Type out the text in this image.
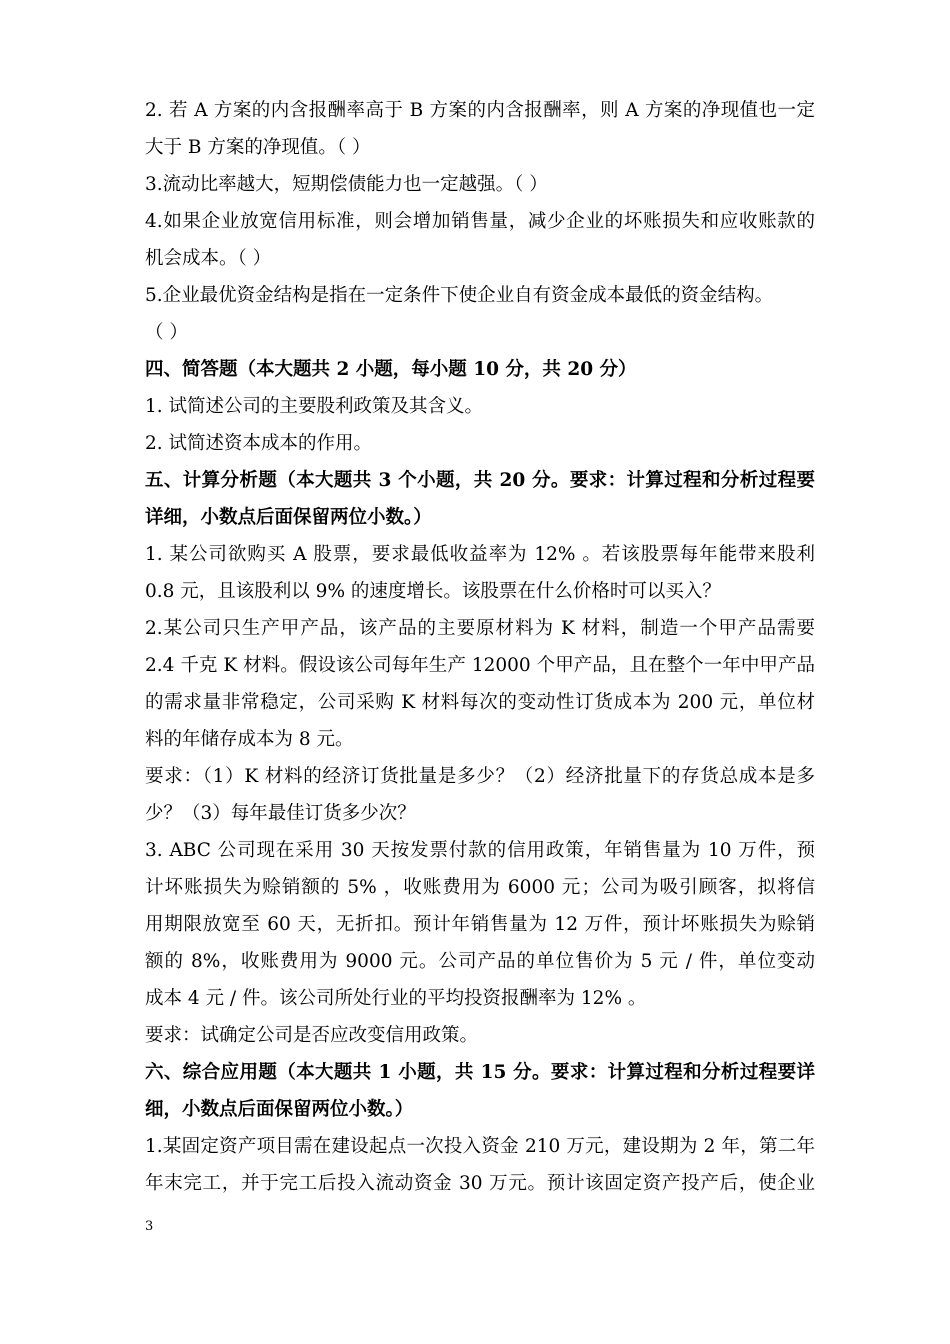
2. 若 A 方案的内含报酬率高于 B 方案的内含报酬率，则 A 方案的净现值也一定
大于 B 方案的净现值。（ ）
3.流动比率越大，短期偿债能力也一定越强。（ ）
4.如果企业放宽信用标准，则会增加销售量，减少企业的坏账损失和应收账款的
机会成本。（ ）
5.企业最优资金结构是指在一定条件下使企业自有资金成本最低的资金结构。
（ ）
四、简答题（本大题共 2 小题，每小题 10 分，共 20 分）
1. 试简述公司的主要股利政策及其含义。
2. 试简述资本成本的作用。
五、计算分析题（本大题共 3 个小题，共 20 分。要求：计算过程和分析过程要
详细，小数点后面保留两位小数。）
1. 某公司欲购买 A 股票，要求最低收益率为 12% 。若该股票每年能带来股利
0.8 元，且该股利以 9% 的速度增长。该股票在什么价格时可以买入？
2.某公司只生产甲产品，该产品的主要原材料为 K 材料，制造一个甲产品需要
2.4 千克 K 材料。假设该公司每年生产 12000 个甲产品，且在整个一年中甲产品
的需求量非常稳定，公司采购 K 材料每次的变动性订货成本为 200 元，单位材
料的年储存成本为 8 元。
要求：（1）K 材料的经济订货批量是多少？（2）经济批量下的存货总成本是多
少？（3）每年最佳订货多少次？
3. ABC 公司现在采用 30 天按发票付款的信用政策，年销售量为 10 万件，预
计坏账损失为赊销额的 5% ，收账费用为 6000 元；公司为吸引顾客，拟将信
用期限放宽至 60 天，无折扣。预计年销售量为 12 万件，预计坏账损失为赊销
额的 8%，收账费用为 9000 元。公司产品的单位售价为 5 元 / 件，单位变动
成本 4 元 / 件。该公司所处行业的平均投资报酬率为 12% 。
要求：试确定公司是否应改变信用政策。
六、综合应用题（本大题共 1 小题，共 15 分。要求：计算过程和分析过程要详
细，小数点后面保留两位小数。）
1.某固定资产项目需在建设起点一次投入资金 210 万元，建设期为 2 年，第二年
年末完工，并于完工后投入流动资金 30 万元。预计该固定资产投产后，使企业
3
